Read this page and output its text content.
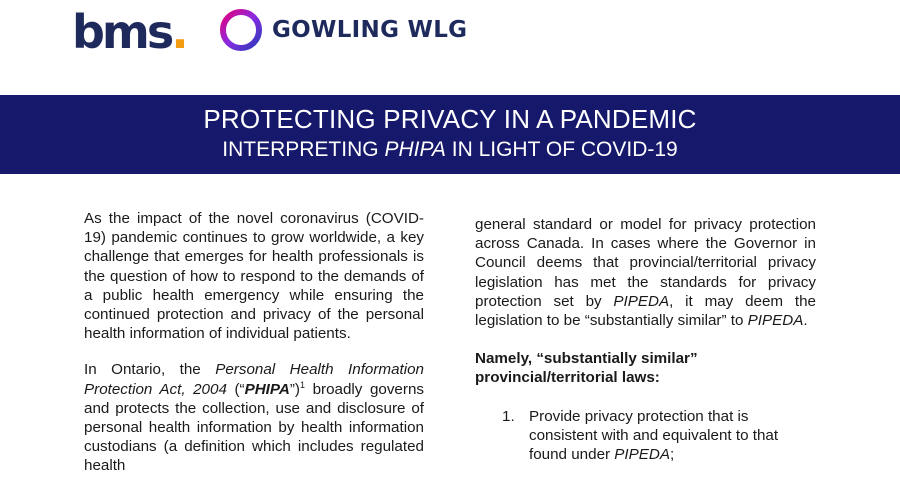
bms.	GOWLING WLG
PROTECTING PRIVACY IN A PANDEMIC
INTERPRETING PHIPA IN LIGHT OF COVID-19

As the impact of the novel coronavirus (COVID-19) pandemic continues to grow worldwide, a key challenge that emerges for health professionals is the question of how to respond to the demands of a public health emergency while ensuring the continued protection and privacy of the personal health information of individual patients.

In Ontario, the Personal Health Information Protection Act, 2004 (“PHIPA”)$^1$ broadly governs and protects the collection, use and disclosure of personal health information by health information custodians (a definition which includes regulated health

general standard or model for privacy protection across Canada. In cases where the Governor in Council deems that provincial/territorial privacy legislation has met the standards for privacy protection set by PIPEDA, it may deem the legislation to be “substantially similar” to PIPEDA.

Namely, “substantially similar” provincial/territorial laws:

1. Provide privacy protection that is consistent with and equivalent to that found under PIPEDA;
